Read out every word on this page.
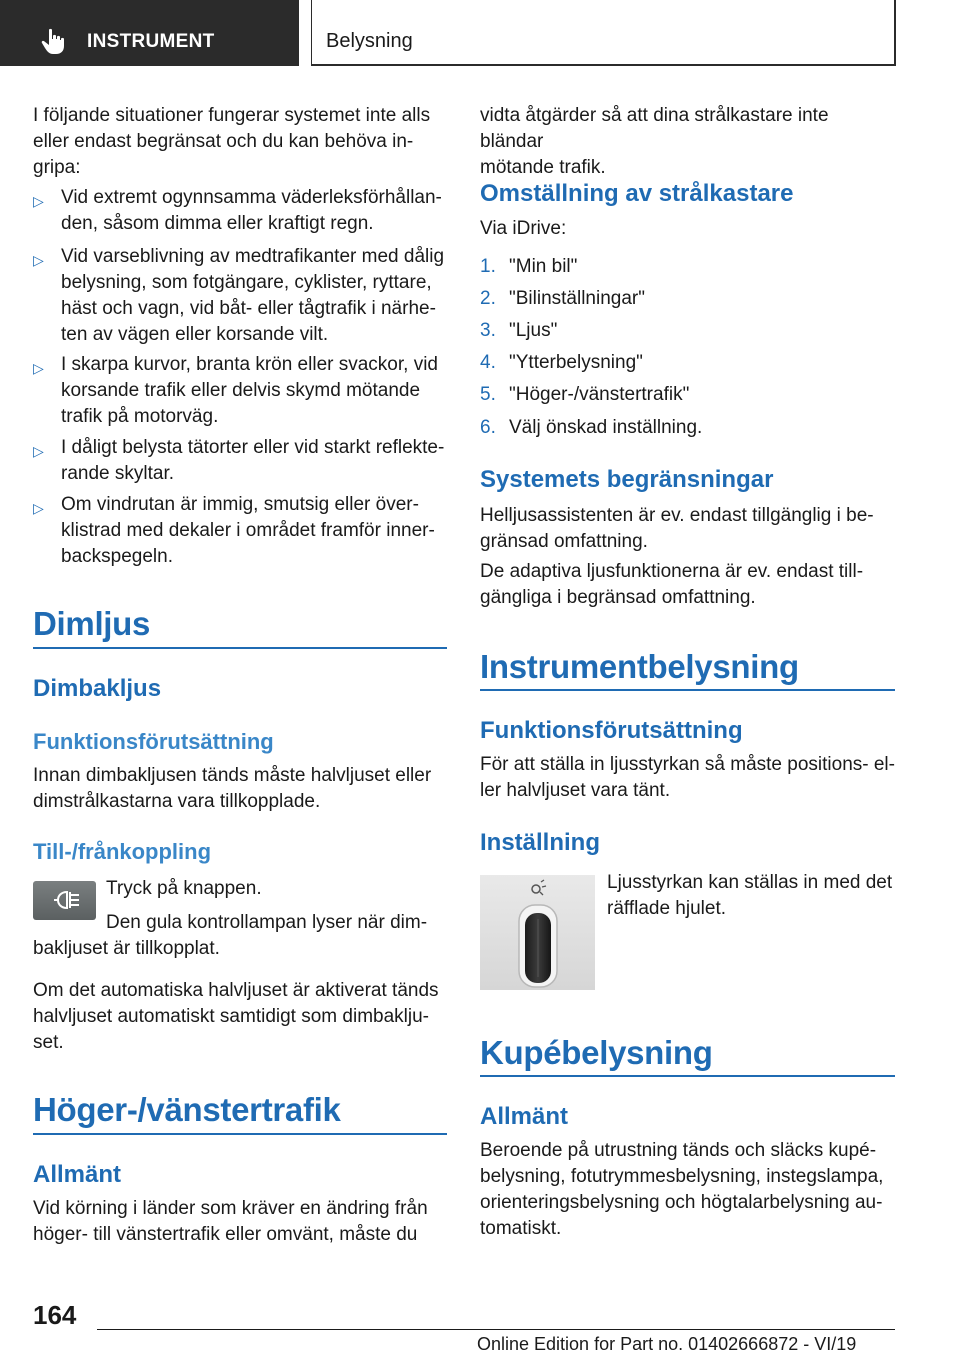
INSTRUMENT	Belysning
I följande situationer fungerar systemet inte alls
eller endast begränsat och du kan behöva in-
gripa:
▷ Vid extremt ogynnsamma väderleksförhållan-
den, såsom dimma eller kraftigt regn.
▷ Vid varseblivning av medtrafikanter med dålig
belysning, som fotgängare, cyklister, ryttare,
häst och vagn, vid båt- eller tågtrafik i närhe-
ten av vägen eller korsande vilt.
▷ I skarpa kurvor, branta krön eller svackor, vid
korsande trafik eller delvis skymd mötande
trafik på motorväg.
▷ I dåligt belysta tätorter eller vid starkt reflekte-
rande skyltar.
▷ Om vindrutan är immig, smutsig eller över-
klistrad med dekaler i området framför inner-
backspegeln.
Dimljus
Dimbakljus
Funktionsförutsättning
Innan dimbakljusen tänds måste halvljuset eller
dimstrålkastarna vara tillkopplade.
Till-/frånkoppling
Tryck på knappen.
Den gula kontrollampan lyser när dim-
bakljuset är tillkopplat.
Om det automatiska halvljuset är aktiverat tänds
halvljuset automatiskt samtidigt som dimbaklju-
set.
Höger-/vänstertrafik
Allmänt
Vid körning i länder som kräver en ändring från
höger- till vänstertrafik eller omvänt, måste du
vidta åtgärder så att dina strålkastare inte bländar
mötande trafik.
Omställning av strålkastare
Via iDrive:
1. "Min bil"
2. "Bilinställningar"
3. "Ljus"
4. "Ytterbelysning"
5. "Höger-/vänstertrafik"
6. Välj önskad inställning.
Systemets begränsningar
Helljusassistenten är ev. endast tillgänglig i be-
gränsad omfattning.
De adaptiva ljusfunktionerna är ev. endast till-
gängliga i begränsad omfattning.
Instrumentbelysning
Funktionsförutsättning
För att ställa in ljusstyrkan så måste positions- el-
ler halvljuset vara tänt.
Inställning
Ljusstyrkan kan ställas in med det
räfflade hjulet.
Kupébelysning
Allmänt
Beroende på utrustning tänds och släcks kupé-
belysning, fotutrymmesbelysning, instegslampa,
orienteringsbelysning och högtalarbelysning au-
tomatiskt.
164
Online Edition for Part no. 01402666872 - VI/19
